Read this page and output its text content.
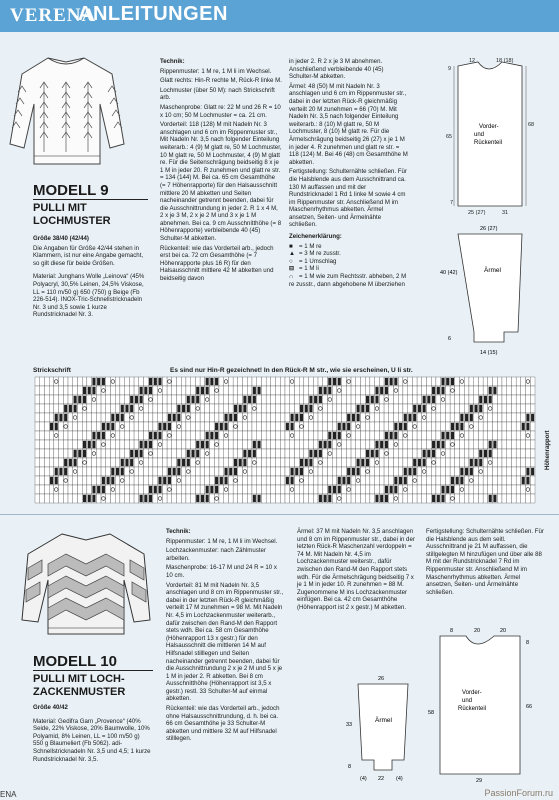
VERENA
ANLEITUNGEN
MODELL 9
PULLI MIT
LOCHMUSTER

Größe 38/40 (42/44)

Die Angaben für Größe 42/44 stehen in Klammern, ist nur eine Angabe gemacht, so gilt diese für beide Größen.

Material: Junghans Wolle „Leinova“ (45% Polyacryl, 30,5% Leinen, 24,5% Viskose, LL = 110 m/50 g) 650 (750) g Beige (Fb 226-514). INOX-Tric-Schnellstricknadeln Nr. 3 und 3,5 sowie 1 kurze Rundstricknadel Nr. 3.

Technik:

Rippenmuster: 1 M re, 1 M li im Wechsel.

Glatt rechts: Hin-R rechte M, Rück-R linke M.

Lochmuster (über 50 M): nach Strickschrift arb.

Maschenprobe: Glatt re: 22 M und 26 R = 10 x 10 cm; 50 M Lochmuster = ca. 21 cm.

Vorderteil: 118 (128) M mit Nadeln Nr. 3 anschlagen und 6 cm im Rippenmuster str., Mit Nadeln Nr. 3,5 nach folgender Einteilung weiterarb.: 4 (9) M glatt re, 50 M Lochmuster, 10 M glatt re, 50 M Lochmuster, 4 (9) M glatt re. Für die Seitenschrägung beidseitig 8 x je 1 M in jeder 20. R zunehmen und glatt re str. = 134 (144) M. Bei ca. 65 cm Gesamthöhe (= 7 Höhenrapporte) für den Halsausschnitt mittlere 20 M abketten und Seiten nacheinander getrennt beenden, dabei für die Ausschnittrundung in jeder 2. R 1 x 4 M, 2 x je 3 M, 2 x je 2 M und 3 x je 1 M abnehmen. Bei ca. 9 cm Ausschnitthöhe (= 8 Höhenrapporte) verbleibende 40 (45) Schulter-M abketten.

Rückenteil: wie das Vorderteil arb., jedoch erst bei ca. 72 cm Gesamthöhe (= 7 Höhenrapporte plus 16 R) für den Halsausschnitt mittlere 42 M abketten und beidseitig davon

in jeder 2. R 2 x je 3 M abnehmen. Anschließend verbleibende 40 (45) Schulter-M abketten.

Ärmel: 48 (50) M mit Nadeln Nr. 3 anschlagen und 6 cm im Rippenmuster str., dabei in der letzten Rück-R gleichmäßig verteilt 20 M zunehmen = 66 (70) M. Mit Nadeln Nr. 3,5 nach folgender Einteilung weiterarb.: 8 (10) M glatt re, 50 M Lochmuster, 8 (10) M glatt re. Für die Ärmelschrägung beidseitig 26 (27) x je 1 M in jeder 4. R zunehmen und glatt re str. = 118 (124) M. Bei 46 (48) cm Gesamthöhe M abketten.

Fertigstellung: Schulternähte schließen. Für die Halsblende aus dem Ausschnittrand ca. 130 M auffassen und mit der Rundstricknadel 1 Rd 1 linke M sowie 4 cm im Rippenmuster str. Anschließend M im Maschenrhythmus abketten. Ärmel ansetzen, Seiten- und Ärmelnähte schließen.

Zeichenerklärung:

■ = 1 M re
▲ = 3 M re zusstr.
○ = 1 Umschlag
⊟ = 1 M li
∩ = 1 M wie zum Rechtsstr. abheben, 2 M re zusstr., dann abgehobene M überziehen
Vorder-
und
Rückenteil
9
12	18 (18)
65
68
7
25 (27)	31
Ärmel
26 (27)
40 (42)
6
14 (15)
Strickschrift	Es sind nur Hin-R gezeichnet! In den Rück-R M str., wie sie erscheinen, U li str.
Höhenrapport
MODELL 10
PULLI MIT LOCH-
ZACKENMUSTER

Größe 40/42

Material: Gedifra Garn „Provence“ (40% Seide, 22% Viskose, 20% Baumwolle, 10% Polyamid, 8% Leinen, LL = 100 m/50 g) 550 g Blaumeliert (Fb 5062). adi-Schnellstricknadeln Nr. 3,5 und 4,5; 1 kurze Rundstricknadel Nr. 3,5.

Technik:

Rippenmuster: 1 M re, 1 M li im Wechsel.

Lochzackenmuster: nach Zählmuster arbeiten.

Maschenprobe: 16-17 M und 24 R = 10 x 10 cm.

Vorderteil: 81 M mit Nadeln Nr. 3,5 anschlagen und 8 cm im Rippenmuster str., dabei in der letzten Rück-R gleichmäßig verteilt 17 M zunehmen = 98 M. Mit Nadeln Nr. 4,5 im Lochzackenmuster weiterarb., dafür zwischen den Rand-M den Rapport stets wdh. Bei ca. 58 cm Gesamthöhe (Höhenrapport 13 x gestr.) für den Halsausschnitt die mittleren 14 M auf Hilfsnadel stilllegen und Seiten nacheinander getrennt beenden, dabei für die Ausschnittrundung 2 x je 2 M und 5 x je 1 M in jeder 2. R abketten. Bei 8 cm Ausschnitthöhe (Höhenrapport ist 3,5 x gestr.) restl. 33 Schulter-M auf einmal abketten.

Rückenteil: wie das Vorderteil arb., jedoch ohne Halsausschnittrundung, d. h. bei ca. 66 cm Gesamthöhe je 33 Schulter-M abketten und mittlere 32 M auf Hilfsnadel stilllegen.

Ärmel: 37 M mit Nadeln Nr. 3,5 anschlagen und 8 cm im Rippenmuster str., dabei in der letzten Rück-R Maschenzahl verdoppeln = 74 M. Mit Nadeln Nr. 4,5 im Lochzackenmuster weiterstr., dafür zwischen den Rand-M den Rapport stets wdh. Für die Ärmelschrägung beidseitig 7 x je 1 M in jeder 10. R zunehmen = 88 M. Zugenommene M ins Lochzackenmuster einfügen. Bei ca. 42 cm Gesamthöhe (Höhenrapport ist 2 x gestr.) M abketten.

Fertigstellung: Schulternähte schließen. Für die Halsblende aus dem seitl. Ausschnittrand je 21 M auffassen, die stillgelegten M hinzufügen und über alle 88 M mit der Rundstricknadel 7 Rd im Rippenmuster str. Anschließend M im Maschenrhythmus abketten. Ärmel ansetzen, Seiten- und Ärmelnähte schließen.

Ärmel
26
33
8
(4) 22 (4)
Vorder-
und
Rückenteil
8	20	20
58
66
8
29
ENA	PassionForum.ru
